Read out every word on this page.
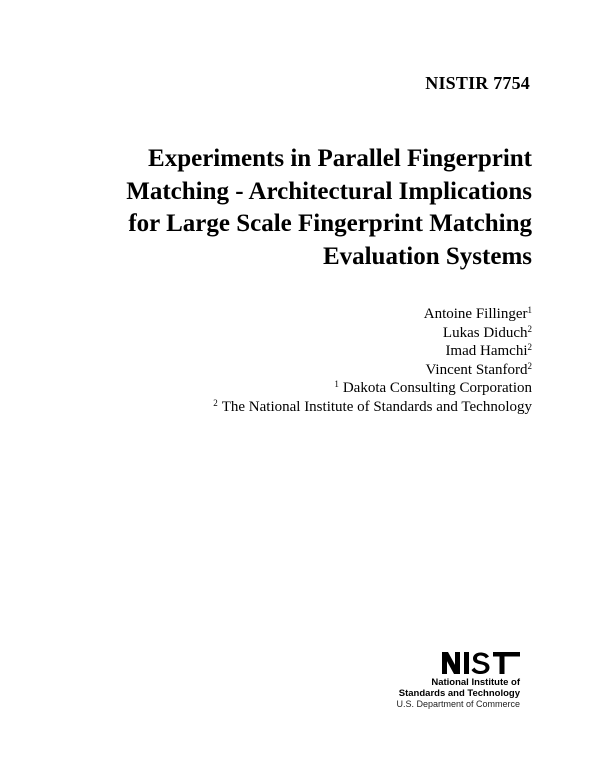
NISTIR 7754
Experiments in Parallel Fingerprint
Matching - Architectural Implications
for Large Scale Fingerprint Matching
Evaluation Systems
Antoine Fillinger$^1$
Lukas Diduch$^2$
Imad Hamchi$^2$
Vincent Stanford$^2$
$^1$ Dakota Consulting Corporation
$^2$ The National Institute of Standards and Technology
National Institute of
Standards and Technology
U.S. Department of Commerce
